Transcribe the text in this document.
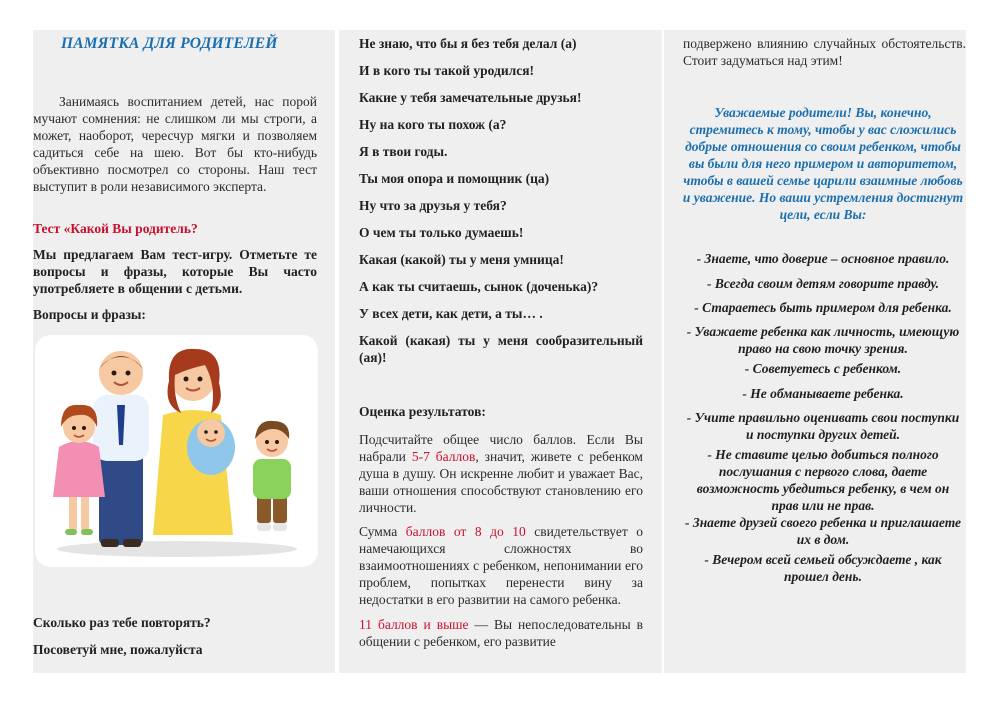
ПАМЯТКА ДЛЯ РОДИТЕЛЕЙ
Занимаясь воспитанием детей, нас порой мучают сомнения: не слишком ли мы строги, а может, наоборот, чересчур мягки и позволяем садиться себе на шею. Вот бы кто-нибудь объективно посмотрел со стороны. Наш тест выступит в роли независимого эксперта.
Тест «Какой Вы родитель?
Мы предлагаем Вам тест-игру. Отметьте те вопросы и фразы, которые Вы часто употребляете в общении с детьми.
Вопросы и фразы:
Сколько раз тебе повторять?
Посоветуй мне, пожалуйста
Не знаю, что бы я без тебя делал (а)
И в кого ты такой уродился!
Какие у тебя замечательные друзья!
Ну на кого ты похож (а?
Я в твои годы.
Ты моя опора и помощник (ца)
Ну что за друзья у тебя?
О чем ты только думаешь!
Какая (какой) ты у меня умница!
А как ты считаешь, сынок (доченька)?
У всех дети, как дети, а ты… .
Какой (какая) ты у меня сообразительный (ая)!
Оценка результатов:
Подсчитайте общее число баллов. Если Вы набрали 5-7 баллов, значит, живете с ребенком душа в душу. Он искренне любит и уважает Вас, ваши отношения способствуют становлению его личности.
Сумма баллов от 8 до 10 свидетельствует о намечающихся сложностях во взаимоотношениях с ребенком, непонимании его проблем, попытках перенести вину за недостатки в его развитии на самого ребенка.
11 баллов и выше — Вы непоследовательны в общении с ребенком, его развитие
подвержено влиянию случайных обстоятельств. Стоит задуматься над этим!
Уважаемые родители! Вы, конечно, стремитесь к тому, чтобы у вас сложились добрые отношения со своим ребенком, чтобы вы были для него примером и авторитетом, чтобы в вашей семье царили взаимные любовь и уважение. Но ваши устремления достигнут цели, если Вы:
- Знаете, что доверие – основное правило.
- Всегда своим детям говорите правду.
- Стараетесь быть примером для ребенка.
- Уважаете ребенка как личность, имеющую право на свою точку зрения.
- Советуетесь с ребенком.
- Не обманываете ребенка.
- Учите правильно оценивать свои поступки и поступки других детей.
- Не ставите целью добиться полного послушания с первого слова, даете возможность убедиться ребенку, в чем он прав или не прав.
- Знаете друзей своего ребенка и приглашаете их в дом.
- Вечером всей семьей обсуждаете , как прошел день.
